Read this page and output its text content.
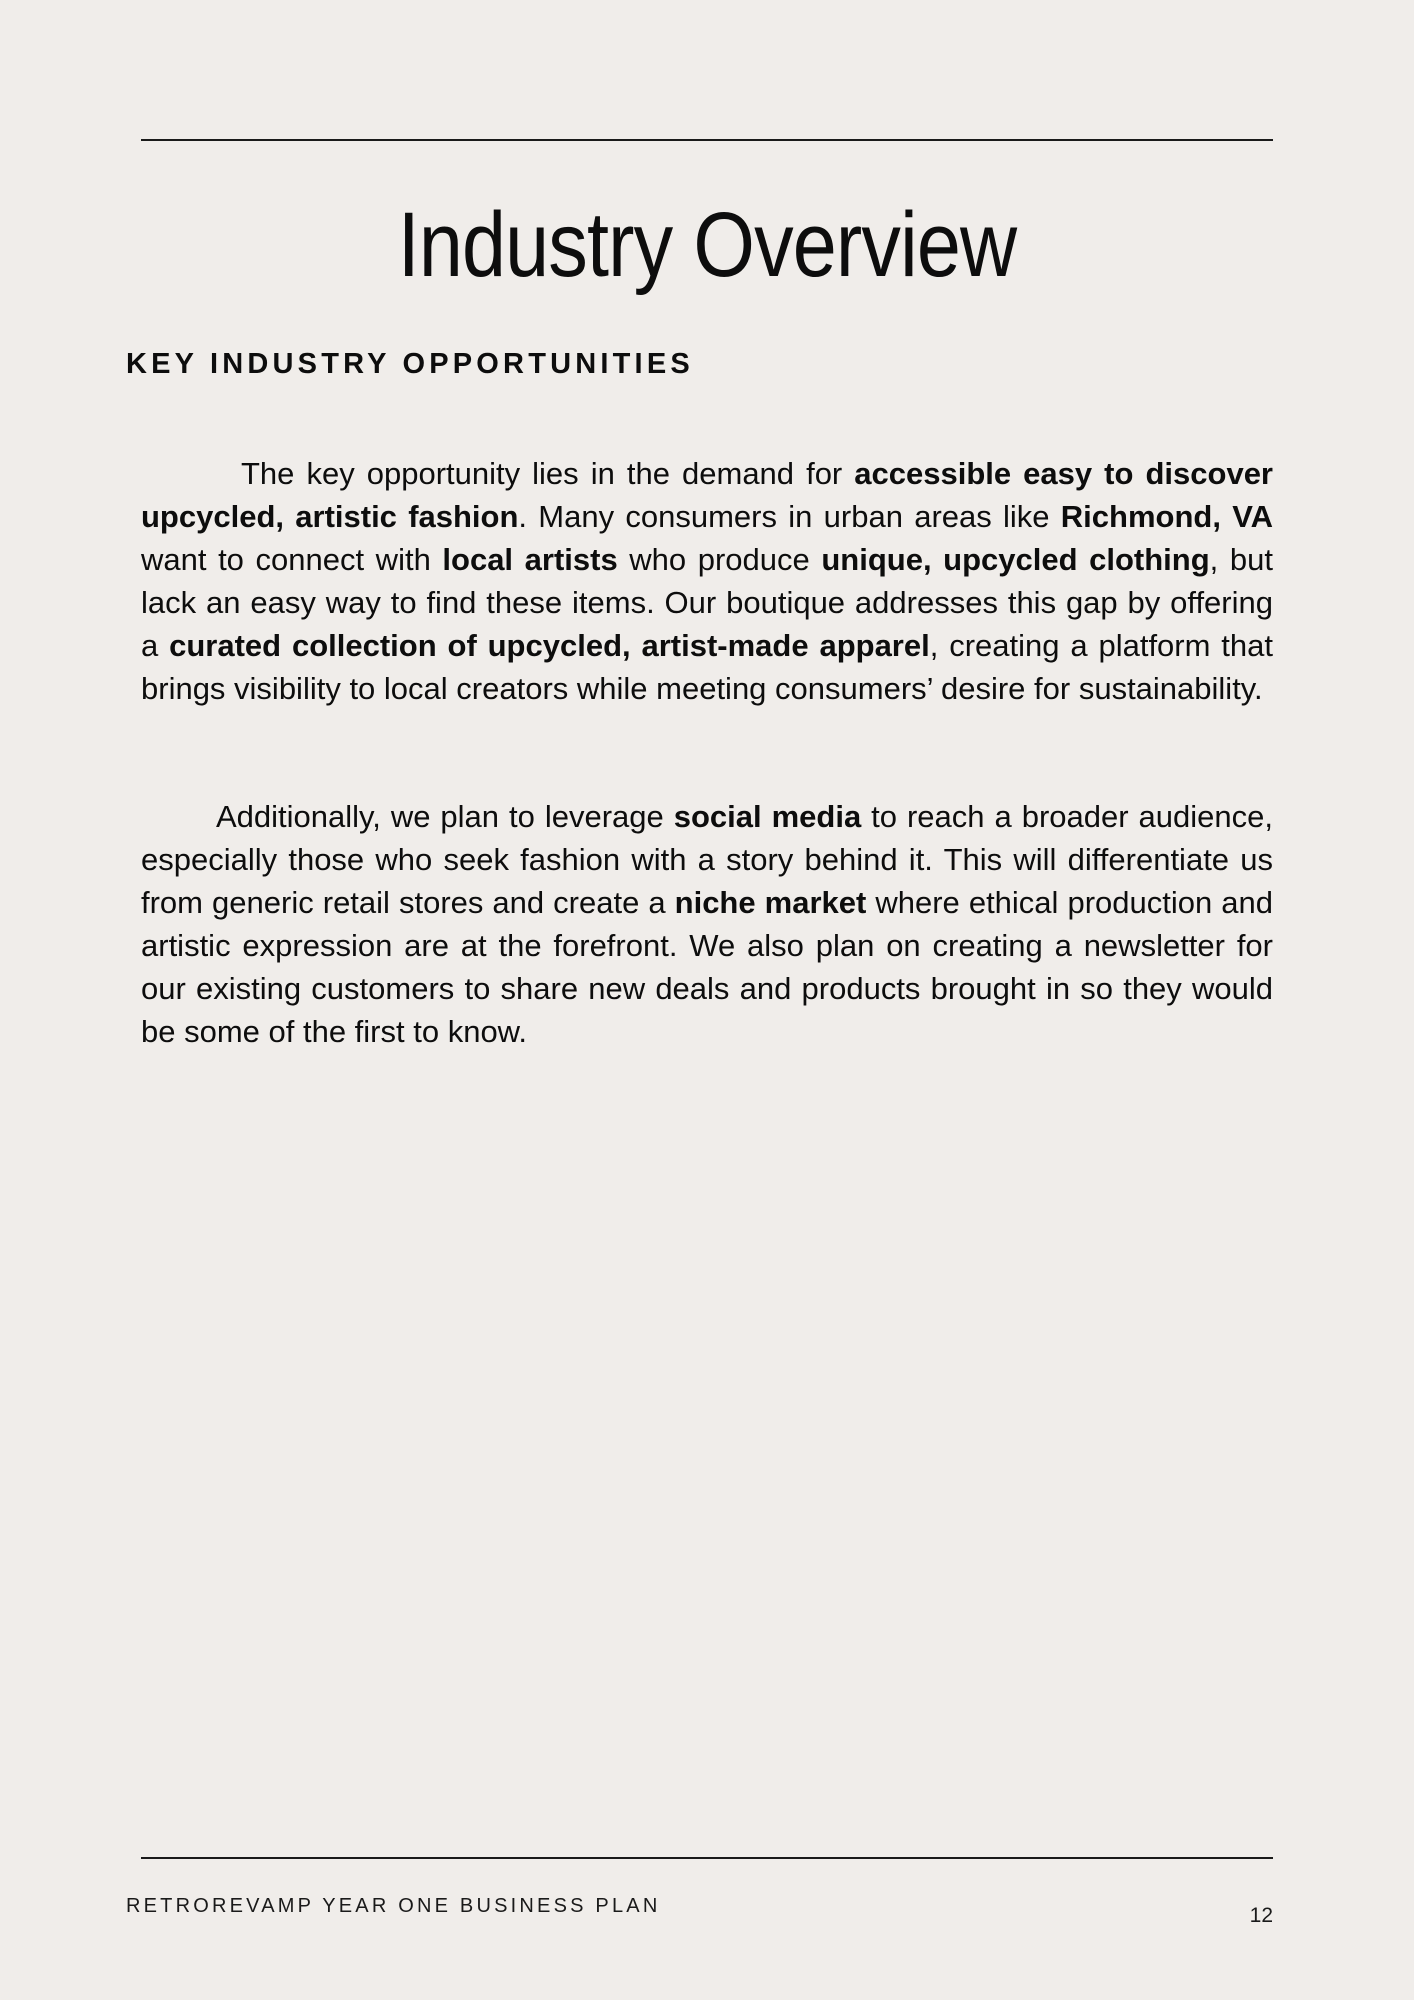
Industry Overview
KEY INDUSTRY OPPORTUNITIES

The key opportunity lies in the demand for accessible easy to discover upcycled, artistic fashion. Many consumers in urban areas like Richmond, VA want to connect with local artists who produce unique, upcycled clothing, but lack an easy way to find these items. Our boutique addresses this gap by offering a curated collection of upcycled, artist-made apparel, creating a platform that brings visibility to local creators while meeting consumers’ desire for sustainability.

Additionally, we plan to leverage social media to reach a broader audience, especially those who seek fashion with a story behind it. This will differentiate us from generic retail stores and create a niche market where ethical production and artistic expression are at the forefront. We also plan on creating a newsletter for our existing customers to share new deals and products brought in so they would be some of the first to know.

RETROREVAMP YEAR ONE BUSINESS PLAN	12
